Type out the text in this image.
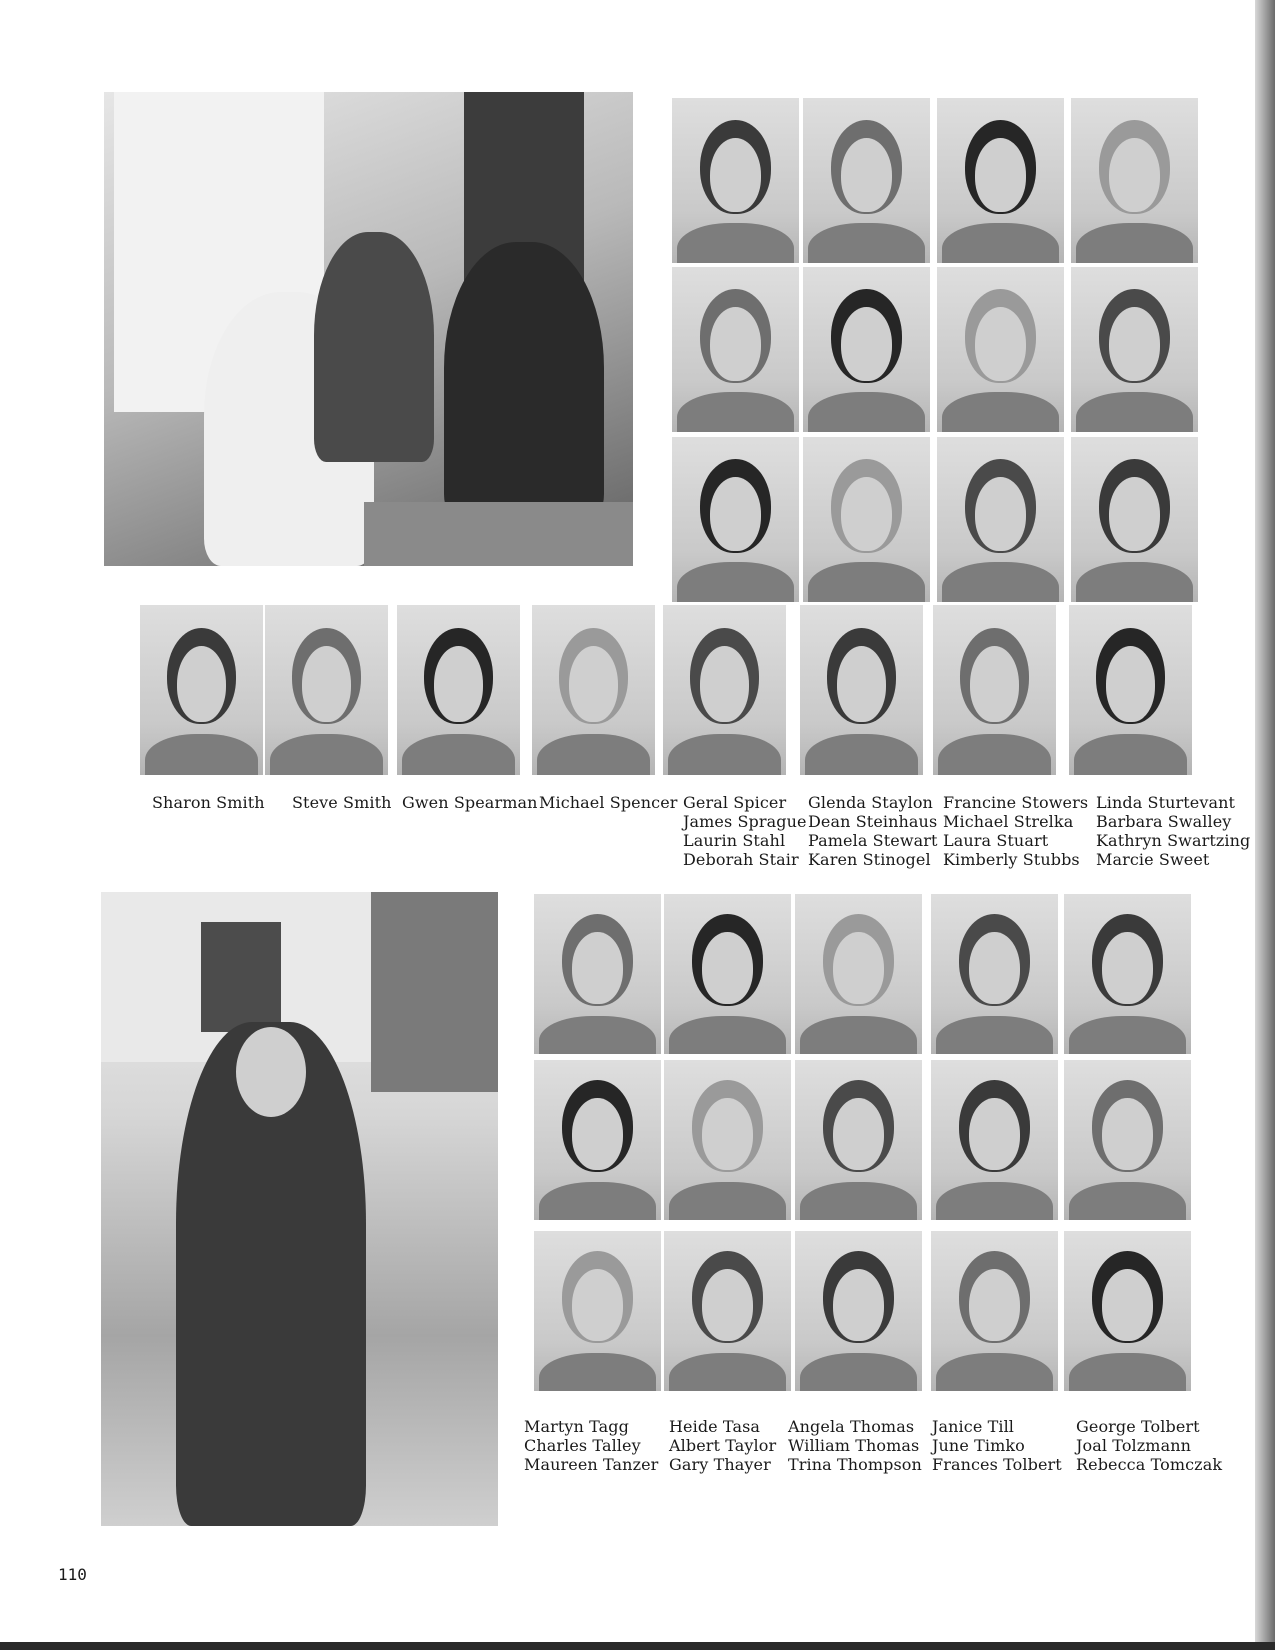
Sharon Smith Steve Smith Gwen Spearman Michael Spencer Geral Spicer
James Sprague
Laurin Stahl
Deborah Stair
Glenda Staylon
Dean Steinhaus
Pamela Stewart
Karen Stinogel
Francine Stowers
Michael Strelka
Laura Stuart
Kimberly Stubbs
Linda Sturtevant
Barbara Swalley
Kathryn Swartzing
Marcie Sweet
Martyn Tagg
Charles Talley
Maureen Tanzer
Heide Tasa
Albert Taylor
Gary Thayer
Angela Thomas
William Thomas
Trina Thompson
Janice Till
June Timko
Frances Tolbert
George Tolbert
Joal Tolzmann
Rebecca Tomczak
110
